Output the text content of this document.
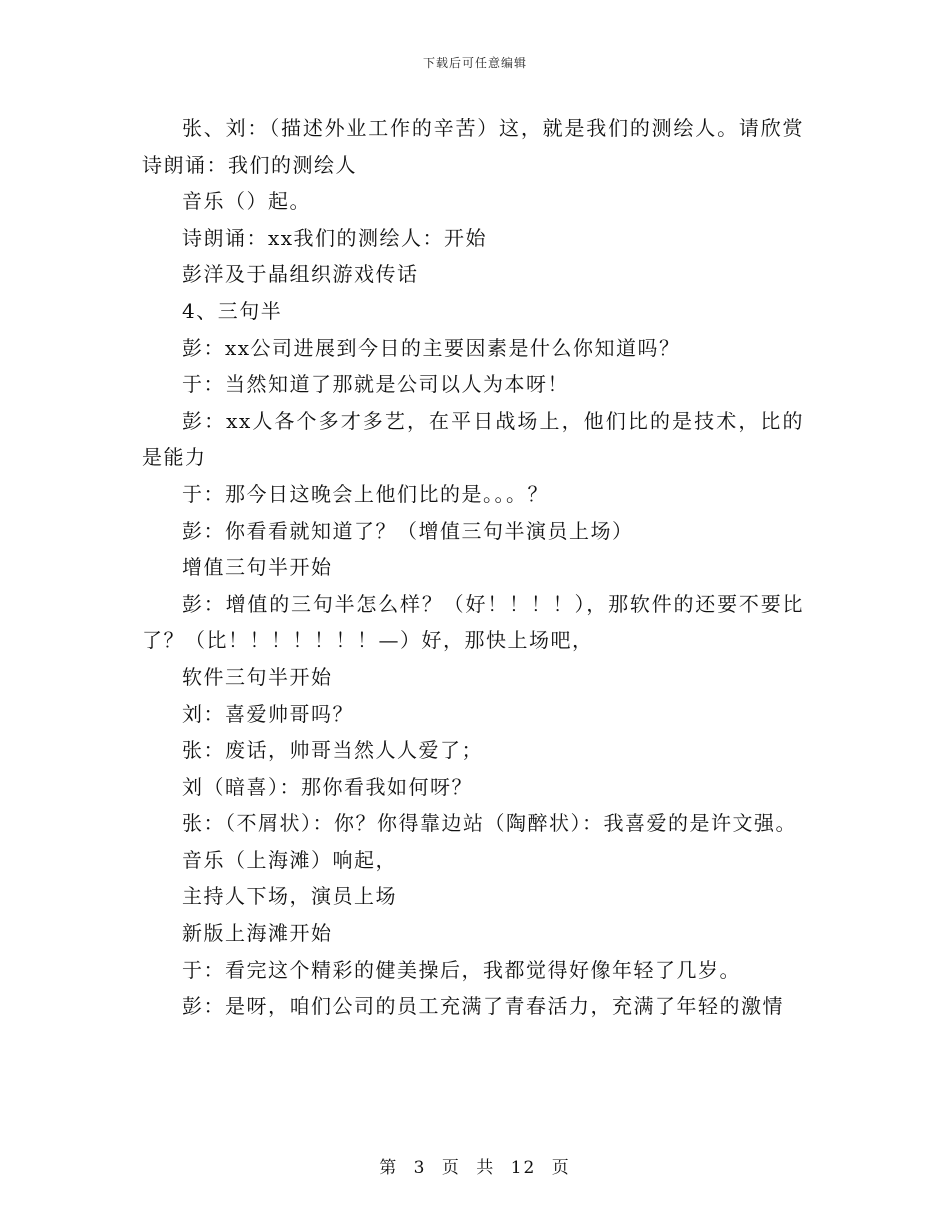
下载后可任意编辑

张、刘：（描述外业工作的辛苦）这，就是我们的测绘人。请欣赏诗朗诵：我们的测绘人

音乐（）起。

诗朗诵：xx我们的测绘人：开始

彭洋及于晶组织游戏传话

4、三句半

彭：xx公司进展到今日的主要因素是什么你知道吗？

于：当然知道了那就是公司以人为本呀！

彭：xx人各个多才多艺，在平日战场上，他们比的是技术，比的是能力

于：那今日这晚会上他们比的是。。。？

彭：你看看就知道了？（增值三句半演员上场）

增值三句半开始

彭：增值的三句半怎么样？（好！！！！），那软件的还要不要比了？（比！！！！！！！—）好，那快上场吧，

软件三句半开始

刘：喜爱帅哥吗？

张：废话，帅哥当然人人爱了；

刘（暗喜）：那你看我如何呀？

张：（不屑状）：你？你得靠边站（陶醉状）：我喜爱的是许文强。

音乐（上海滩）响起，

主持人下场，演员上场

新版上海滩开始

于：看完这个精彩的健美操后，我都觉得好像年轻了几岁。

彭：是呀，咱们公司的员工充满了青春活力，充满了年轻的激情

第 3 页 共 12 页
